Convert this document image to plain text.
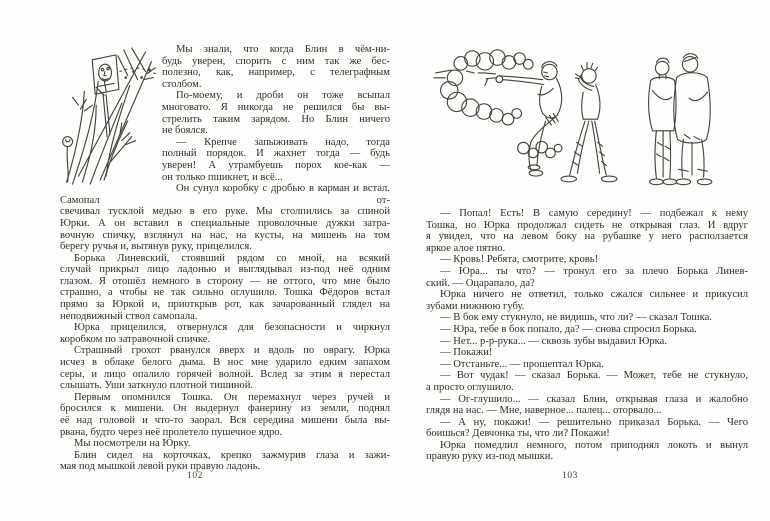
Мы знали, что когда Блин в чём-ни-
будь уверен, спорить с ним так же бес-
полезно, как, например, с телеграфным
столбом.

По-моему, и дроби он тоже всыпал
многовато. Я никогда не решился бы вы-
стрелить таким зарядом. Но Блин ничего
не боялся.

— Крепче запыживать надо, тогда
полный порядок. И жахнет тогда — будь
уверен! А утрамбуешь порох кое-как —
он только пшикнет, и всё...

Он сунул коробку с дробью в карман и встал. Самопал от-
свечивал тусклой медью в его руке. Мы столпились за спиной
Юрки. А он вставил в специальные проволочные дужки затра-
вочную спичку, взглянул на нас, на кусты, на мишень на том
берегу ручья и, вытянув руку, прицелился.

Борька Линевский, стоявший рядом со мной, на всякий
случай прикрыл лицо ладонью и выглядывал из-под неё одним
глазом. Я отошёл немного в сторону — не оттого, что мне было
страшно, а чтобы не так сильно оглушило. Тошка Фёдоров встал
прямо за Юркой и, приоткрыв рот, как зачарованный глядел на
неподвижный ствол самопала.

Юрка прицелился, отвернулся для безопасности и чиркнул
коробком по затравочной спичке.

Страшный грохот рванулся вверх и вдоль по оврагу. Юрка
исчез в облаке белого дыма. В нос мне ударило едким запахом
серы, и лицо опалило горячей волной. Вслед за этим я перестал
слышать. Уши заткнуло плотной тишиной.

Первым опомнился Тошка. Он перемахнул через ручей и
бросился к мишени. Он выдернул фанерину из земли, поднял
её над головой и что-то заорал. Вся середина мишени была вы-
рвана, будто через неё пролетело пушечное ядро.

Мы посмотрели на Юрку.

Блин сидел на корточках, крепко зажмурив глаза и зажи-
мая под мышкой левой руки правую ладонь.

— Попал! Есть! В самую середину! — подбежал к нему
Тошка, но Юрка продолжал сидеть не открывая глаз. И вдруг
я увидел, что на левом боку на рубашке у него расползается
яркое алое пятно.

— Кровь! Ребята, смотрите, кровь!

— Юра... ты что? — тронул его за плечо Борька Линев-
ский. — Оцарапало, да?

Юрка ничего не ответил, только сжался сильнее и прикусил
зубами нижнюю губу.

— В бок ему стукнуло, не видишь, что ли? — сказал Тошка.

— Юра, тебе в бок попало, да? — снова спросил Борька.

— Нет... р-р-рука... — сквозь зубы выдавил Юрка.

— Покажи!

— Отстаньте... — прошептал Юрка.

— Вот чудак! — сказал Борька. — Может, тебе не стукнуло,
а просто оглушило.

— Ог-глушило... — сказал Блин, открывая глаза и жалобно
глядя на нас. — Мне, наверное... палец... оторвало...

— А ну, покажи! — решительно приказал Борька. — Чего
боишься? Девчонка ты, что ли? Покажи!

Юрка помедлил немного, потом приподнял локоть и вынул
правую руку из-под мышки.

102	103
